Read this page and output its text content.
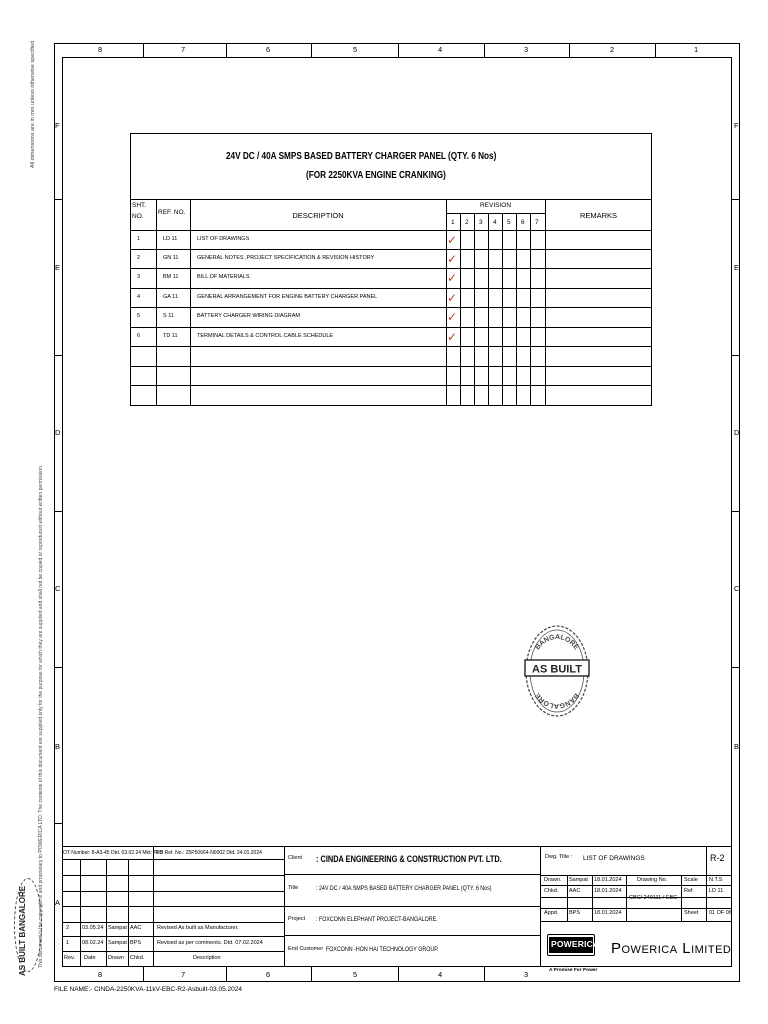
8	7	6	5	4	3	2	1
8	7	6	5	4	3
F
E
D
C
B
A
F
E
D
C
B
All dimensions are in mm unless otherwise specified
This document is the copyright of and proprietary to POWERICA LTD. The contents of this document are supplied only for the purpose for which they are supplied and shall not be copied or reproduced without written permission.
AS BUILT BANGALORE
24V DC / 40A SMPS BASED BATTERY CHARGER PANEL (QTY. 6 Nos)
(FOR 2250KVA ENGINE CRANKING)
SHT.
NO.
REF. NO.	DESCRIPTION
REVISION
REMARKS
1 2 3 4 5 6 7
1	LD 11	LIST OF DRAWINGS	✓
2	GN 11	GENERAL NOTES ,PROJECT SPECIFICATION & REVISION HISTORY	✓
3	BM 11	BILL OF MATERIALS	✓
4	GA 11	GENERAL ARRANGEMENT FOR ENGINE BATTERY CHARGER PANEL	✓
5	S 11	BATTERY CHARGER WIRING DIAGRAM	✓
6	TD 11	TERMINAL DETAILS & CONTROL CABLE SCHEDULE	✓
BANGALORE
BANGALORE
AS BUILT
OT Number: 8-A3-45 Dtd. 03.02.24 Mkt: PLB
PO Ref. No.: 25P50664-N0002 Dtd. 24.01.2024
2 03.05.24 Sampat AAC	Revised As built as Manufacturer.
1 08.02.24 Sampat BPS	Revised as per comments. Dtd. 07.02.2024
Rev. Date Drawn Chkd.	Description
Client : CINDA ENGINEERING & CONSTRUCTION PVT. LTD.
Title	: 24V DC / 40A SMPS BASED BATTERY CHARGER PANEL (QTY. 6 Nos)
Project : FOXCONN ELEPHANT PROJECT-BANGALORE.
End Customer FOXCONN -HON HAI TECHNOLOGY GROUP.
Dwg. Title : LIST OF DRAWINGS	R-2
Drawn. Sampat 18.01.2024	Drawing No.	Scale N.T.S
Chkd. AAC 18.01.2024
CBC/ 240111 / EBC
Ref.	LD 11
Appd. BPS	18.01.2024	Sheet 01 OF 06
POWERICA
A Promise For Power
Powerica Limited
FILE NAME:- CINDA-2250KVA-11kV-EBC-R2-Asbuilt-03.05.2024
